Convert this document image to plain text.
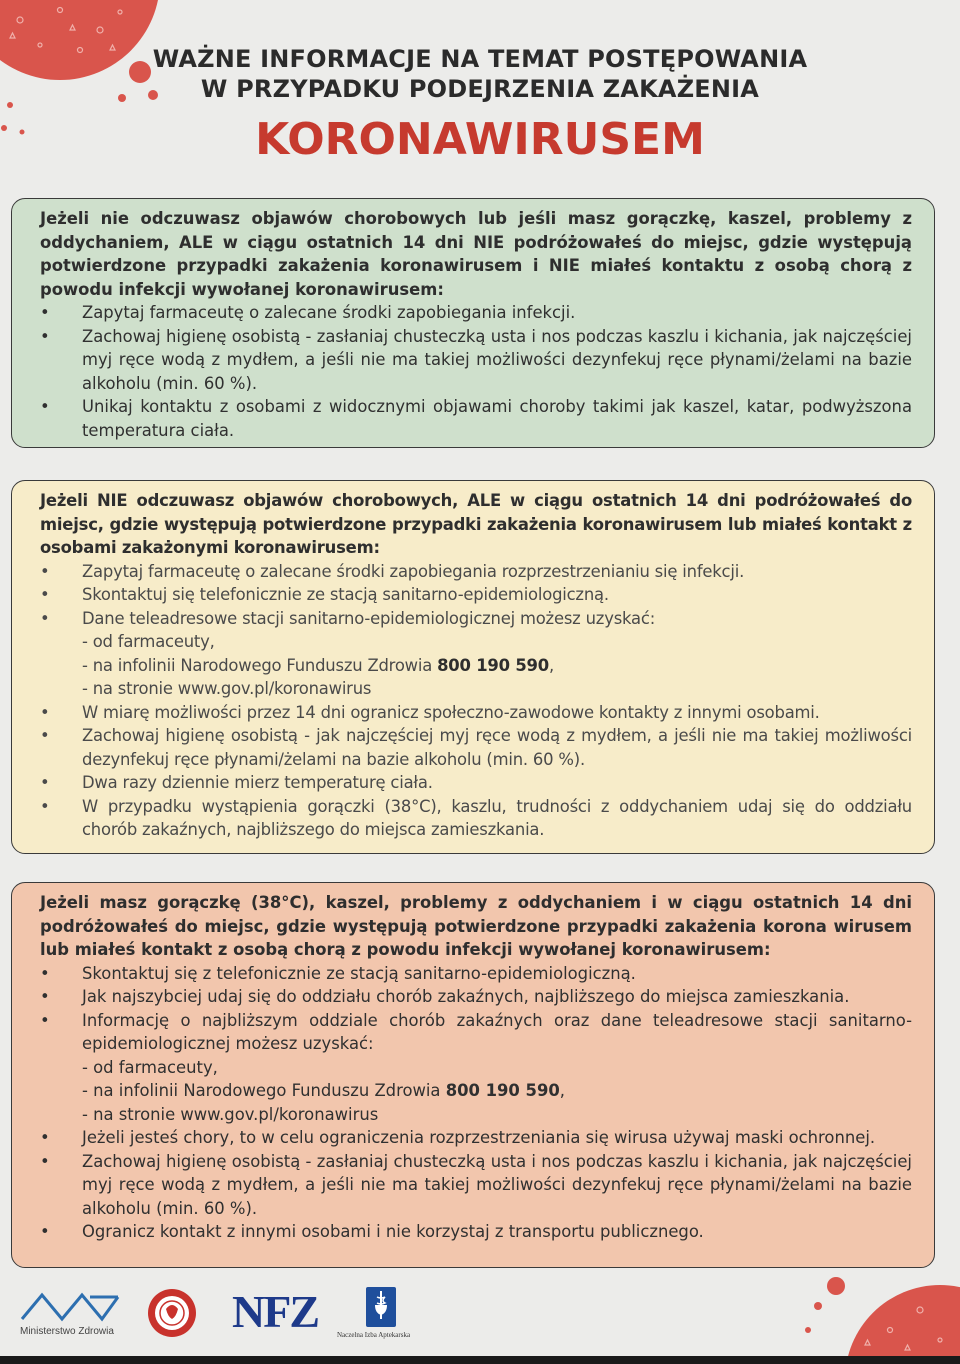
WAŻNE INFORMACJE NA TEMAT POSTĘPOWANIA
W PRZYPADKU PODEJRZENIA ZAKAŻENIA
KORONAWIRUSEM
Jeżeli nie odczuwasz objawów chorobowych lub jeśli masz gorączkę, kaszel, problemy z oddychaniem, ALE w ciągu ostatnich 14 dni NIE podróżowałeś do miejsc, gdzie występują potwierdzone przypadki zakażenia koronawirusem i NIE miałeś kontaktu z osobą chorą z powodu infekcji wywołanej koronawirusem:
• Zapytaj farmaceutę o zalecane środki zapobiegania infekcji.
• Zachowaj higienę osobistą - zasłaniaj chusteczką usta i nos podczas kaszlu i kichania, jak najczęściej myj ręce wodą z mydłem, a jeśli nie ma takiej możliwości dezynfekuj ręce płynami/żelami na bazie alkoholu (min. 60 %).
• Unikaj kontaktu z osobami z widocznymi objawami choroby takimi jak kaszel, katar, podwyższona temperatura ciała.
Jeżeli NIE odczuwasz objawów chorobowych, ALE w ciągu ostatnich 14 dni podróżowałeś do miejsc, gdzie występują potwierdzone przypadki zakażenia koronawirusem lub miałeś kontakt z osobami zakażonymi koronawirusem:
• Zapytaj farmaceutę o zalecane środki zapobiegania rozprzestrzenianiu się infekcji.
• Skontaktuj się telefonicznie ze stacją sanitarno-epidemiologiczną.
• Dane teleadresowe stacji sanitarno-epidemiologicznej możesz uzyskać:
- od farmaceuty,
- na infolinii Narodowego Funduszu Zdrowia 800 190 590,
- na stronie www.gov.pl/koronawirus
• W miarę możliwości przez 14 dni ogranicz społeczno-zawodowe kontakty z innymi osobami.
• Zachowaj higienę osobistą - jak najczęściej myj ręce wodą z mydłem, a jeśli nie ma takiej możliwości dezynfekuj ręce płynami/żelami na bazie alkoholu (min. 60 %).
• Dwa razy dziennie mierz temperaturę ciała.
• W przypadku wystąpienia gorączki (38°C), kaszlu, trudności z oddychaniem udaj się do oddziału chorób zakaźnych, najbliższego do miejsca zamieszkania.
Jeżeli masz gorączkę (38°C), kaszel, problemy z oddychaniem i w ciągu ostatnich 14 dni podróżowałeś do miejsc, gdzie występują potwierdzone przypadki zakażenia korona wirusem lub miałeś kontakt z osobą chorą z powodu infekcji wywołanej koronawirusem:
• Skontaktuj się z telefonicznie ze stacją sanitarno-epidemiologiczną.
• Jak najszybciej udaj się do oddziału chorób zakaźnych, najbliższego do miejsca zamieszkania.
• Informację o najbliższym oddziale chorób zakaźnych oraz dane teleadresowe stacji sanitarno-epidemiologicznej możesz uzyskać:
- od farmaceuty,
- na infolinii Narodowego Funduszu Zdrowia 800 190 590,
- na stronie www.gov.pl/koronawirus
• Jeżeli jesteś chory, to w celu ograniczenia rozprzestrzeniania się wirusa używaj maski ochronnej.
• Zachowaj higienę osobistą - zasłaniaj chusteczką usta i nos podczas kaszlu i kichania, jak najczęściej myj ręce wodą z mydłem, a jeśli nie ma takiej możliwości dezynfekuj ręce płynami/żelami na bazie alkoholu (min. 60 %).
• Ogranicz kontakt z innymi osobami i nie korzystaj z transportu publicznego.
Ministerstwo Zdrowia	NFZ	Naczelna Izba Aptekarska
